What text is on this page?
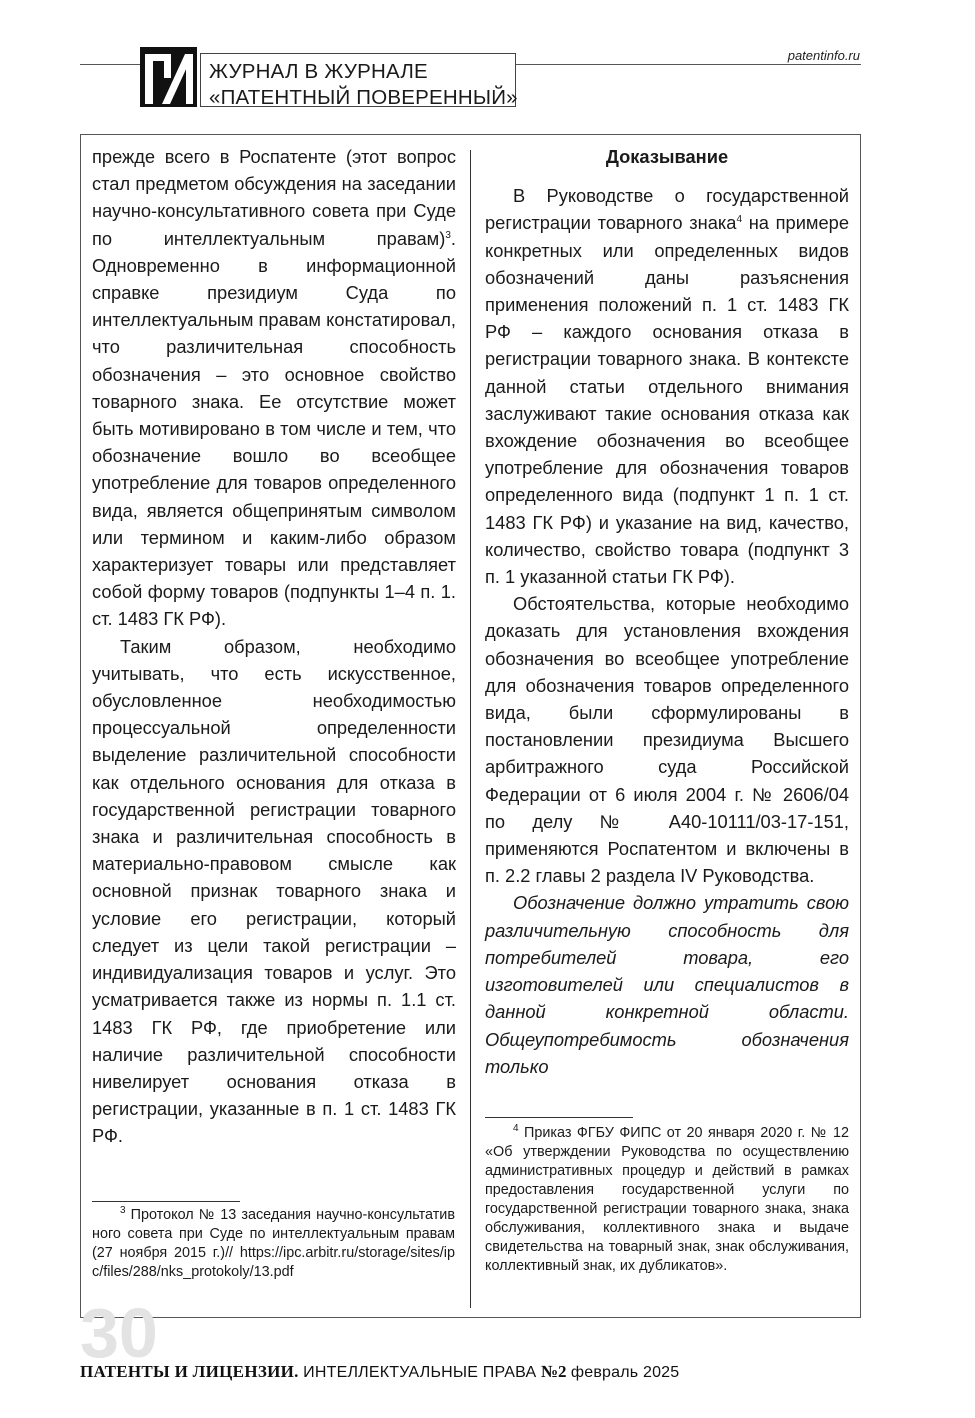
ЖУРНАЛ В ЖУРНАЛЕ
«ПАТЕНТНЫЙ ПОВЕРЕННЫЙ»
patentinfo.ru

прежде всего в Роспатенте (этот вопрос стал предметом обсуждения на заседании научно-консультативного совета при Суде по интеллектуальным правам)$^3$. Одновременно в информационной справке президиум Суда по интеллектуальным правам констатировал, что различительная способность обозначения – это основное свойство товарного знака. Ее отсутствие может быть мотивировано в том числе и тем, что обозначение вошло во всеобщее употребление для товаров определенного вида, является общепринятым символом или термином и каким-либо образом характеризует товары или представляет собой форму товаров (подпункты 1–4 п. 1. ст. 1483 ГК РФ).

Таким образом, необходимо учитывать, что есть искусственное, обусловленное необходимостью процессуальной определенности выделение различительной способности как отдельного основания для отказа в государственной регистрации товарного знака и различительная способность в материально-правовом смысле как основной признак товарного знака и условие его регистрации, который следует из цели такой регистрации – индивидуализация товаров и услуг. Это усматривается также из нормы п. 1.1 ст. 1483 ГК РФ, где приобретение или наличие различительной способности нивелирует основания отказа в регистрации, указанные в п. 1 ст. 1483 ГК РФ.

$^3$ Протокол № 13 заседания научно-консультативного совета при Суде по интеллектуальным правам (27 ноября 2015 г.)// https://ipc.arbitr.ru/storage/sites/ipc/files/288/nks_protokoly/13.pdf

Доказывание

В Руководстве о государственной регистрации товарного знака$^4$ на примере конкретных или определенных видов обозначений даны разъяснения применения положений п. 1 ст. 1483 ГК РФ – каждого основания отказа в регистрации товарного знака. В контексте данной статьи отдельного внимания заслуживают такие основания отказа как вхождение обозначения во всеобщее употребление для обозначения товаров определенного вида (подпункт 1 п. 1 ст. 1483 ГК РФ) и указание на вид, качество, количество, свойство товара (подпункт 3 п. 1 указанной статьи ГК РФ).

Обстоятельства, которые необходимо доказать для установления вхождения обозначения во всеобщее употребление для обозначения товаров определенного вида, были сформулированы в постановлении президиума Высшего арбитражного суда Российской Федерации от 6 июля 2004 г. № 2606/04 по делу № А40-10111/03-17-151, применяются Роспатентом и включены в п. 2.2 главы 2 раздела IV Руководства.

Обозначение должно утратить свою различительную способность для потребителей товара, его изготовителей или специалистов в данной конкретной области. Общеупотребимость обозначения только

$^4$ Приказ ФГБУ ФИПС от 20 января 2020 г. № 12 «Об утверждении Руководства по осуществлению административных процедур и действий в рамках предоставления государственной услуги по государственной регистрации товарного знака, знака обслуживания, коллективного знака и выдаче свидетельства на товарный знак, знак обслуживания, коллективный знак, их дубликатов».

30
ПАТЕНТЫ И ЛИЦЕНЗИИ. ИНТЕЛЛЕКТУАЛЬНЫЕ ПРАВА №2 февраль 2025
